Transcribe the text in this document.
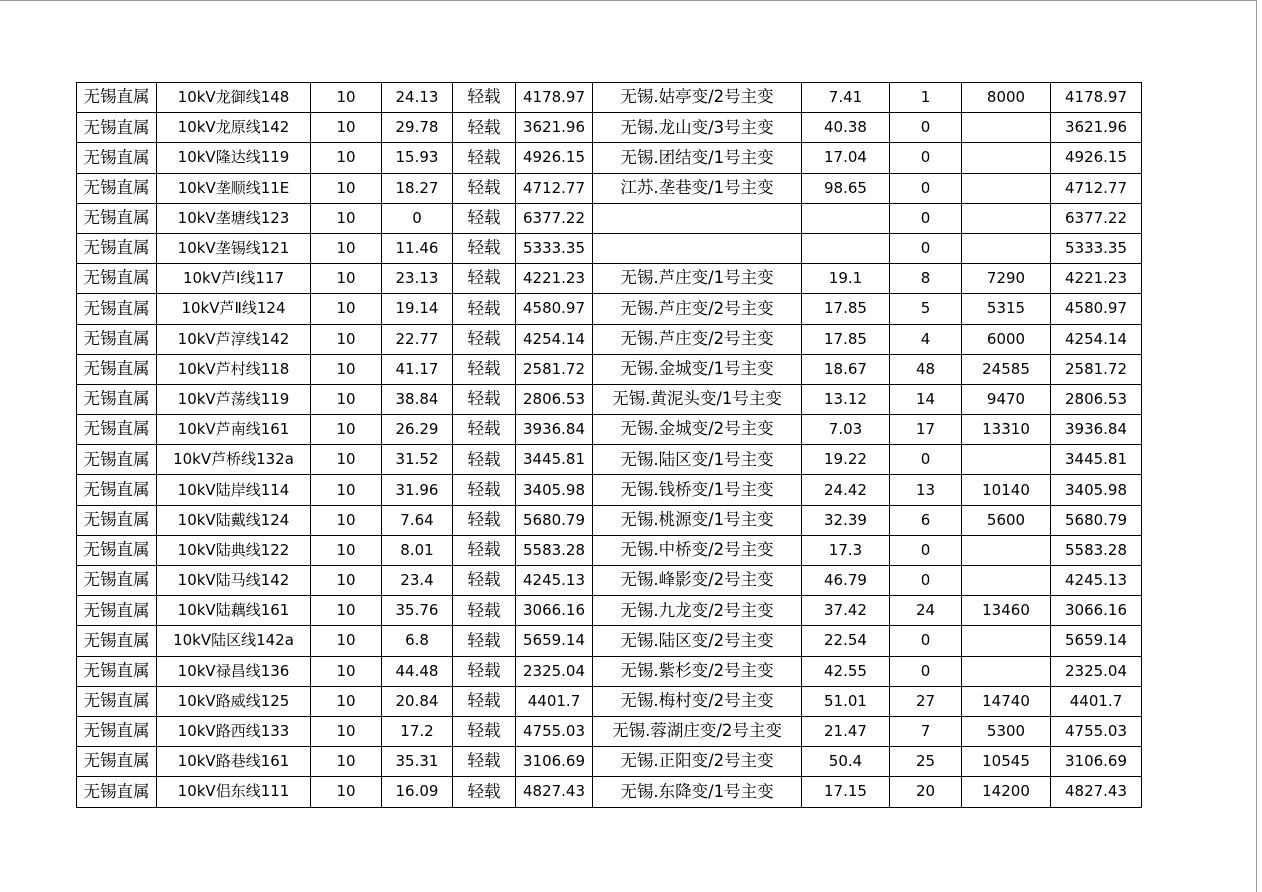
无锡直属	10kV龙御线148	10	24.13	轻载	4178.97	无锡.姑亭变/2号主变	7.41	1	8000	4178.97
无锡直属	10kV龙原线142	10	29.78	轻载	3621.96	无锡.龙山变/3号主变	40.38	0		3621.96
无锡直属	10kV隆达线119	10	15.93	轻载	4926.15	无锡.团结变/1号主变	17.04	0		4926.15
无锡直属	10kV垄顺线11E	10	18.27	轻载	4712.77	江苏.垄巷变/1号主变	98.65	0		4712.77
无锡直属	10kV垄塘线123	10	0	轻载	6377.22			0		6377.22
无锡直属	10kV垄锡线121	10	11.46	轻载	5333.35			0		5333.35
无锡直属	10kV芦Ⅰ线117	10	23.13	轻载	4221.23	无锡.芦庄变/1号主变	19.1	8	7290	4221.23
无锡直属	10kV芦Ⅱ线124	10	19.14	轻载	4580.97	无锡.芦庄变/2号主变	17.85	5	5315	4580.97
无锡直属	10kV芦淳线142	10	22.77	轻载	4254.14	无锡.芦庄变/2号主变	17.85	4	6000	4254.14
无锡直属	10kV芦村线118	10	41.17	轻载	2581.72	无锡.金城变/1号主变	18.67	48	24585	2581.72
无锡直属	10kV芦荡线119	10	38.84	轻载	2806.53	无锡.黄泥头变/1号主变	13.12	14	9470	2806.53
无锡直属	10kV芦南线161	10	26.29	轻载	3936.84	无锡.金城变/2号主变	7.03	17	13310	3936.84
无锡直属	10kV芦桥线132a	10	31.52	轻载	3445.81	无锡.陆区变/1号主变	19.22	0		3445.81
无锡直属	10kV陆岸线114	10	31.96	轻载	3405.98	无锡.钱桥变/1号主变	24.42	13	10140	3405.98
无锡直属	10kV陆戴线124	10	7.64	轻载	5680.79	无锡.桃源变/1号主变	32.39	6	5600	5680.79
无锡直属	10kV陆典线122	10	8.01	轻载	5583.28	无锡.中桥变/2号主变	17.3	0		5583.28
无锡直属	10kV陆马线142	10	23.4	轻载	4245.13	无锡.峰影变/2号主变	46.79	0		4245.13
无锡直属	10kV陆藕线161	10	35.76	轻载	3066.16	无锡.九龙变/2号主变	37.42	24	13460	3066.16
无锡直属	10kV陆区线142a	10	6.8	轻载	5659.14	无锡.陆区变/2号主变	22.54	0		5659.14
无锡直属	10kV禄昌线136	10	44.48	轻载	2325.04	无锡.紫杉变/2号主变	42.55	0		2325.04
无锡直属	10kV路威线125	10	20.84	轻载	4401.7	无锡.梅村变/2号主变	51.01	27	14740	4401.7
无锡直属	10kV路西线133	10	17.2	轻载	4755.03	无锡.蓉湖庄变/2号主变	21.47	7	5300	4755.03
无锡直属	10kV路巷线161	10	35.31	轻载	3106.69	无锡.正阳变/2号主变	50.4	25	10545	3106.69
无锡直属	10kV侣东线111	10	16.09	轻载	4827.43	无锡.东降变/1号主变	17.15	20	14200	4827.43
